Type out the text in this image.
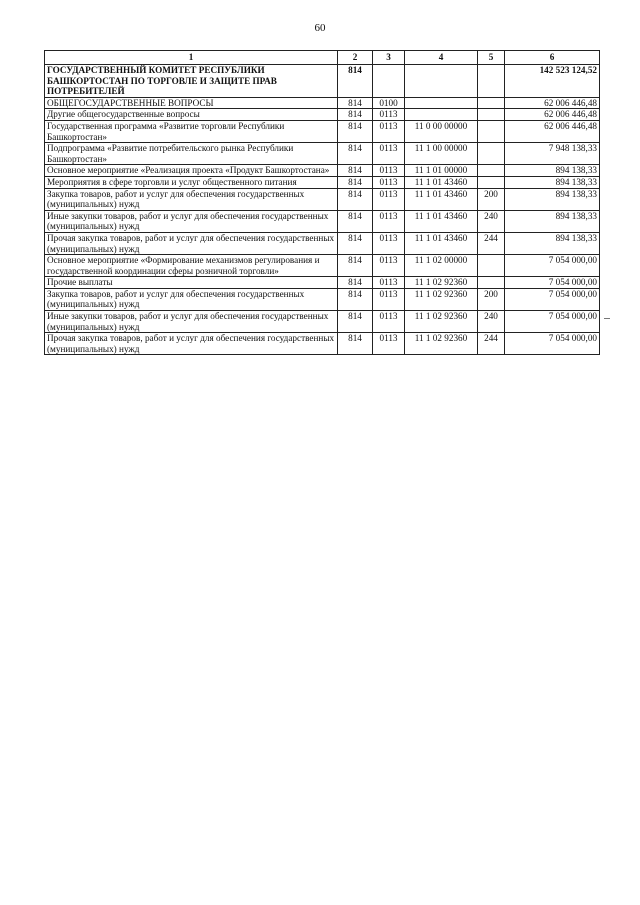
60
1	2	3	4	5	6
ГОСУДАРСТВЕННЫЙ КОМИТЕТ РЕСПУБЛИКИ БАШКОРТОСТАН ПО ТОРГОВЛЕ И ЗАЩИТЕ ПРАВ ПОТРЕБИТЕЛЕЙ	814				142 523 124,52
ОБЩЕГОСУДАРСТВЕННЫЕ ВОПРОСЫ	814	0100			62 006 446,48
Другие общегосударственные вопросы	814	0113			62 006 446,48
Государственная программа «Развитие торговли Республики Башкортостан»	814	0113	11 0 00 00000		62 006 446,48
Подпрограмма «Развитие потребительского рынка Республики Башкортостан»	814	0113	11 1 00 00000		7 948 138,33
Основное мероприятие «Реализация проекта «Продукт Башкортостана»	814	0113	11 1 01 00000		894 138,33
Мероприятия в сфере торговли и услуг общественного питания	814	0113	11 1 01 43460		894 138,33
Закупка товаров, работ и услуг для обеспечения государственных (муниципальных) нужд	814	0113	11 1 01 43460	200	894 138,33
Иные закупки товаров, работ и услуг для обеспечения государственных (муниципальных) нужд	814	0113	11 1 01 43460	240	894 138,33
Прочая закупка товаров, работ и услуг для обеспечения государственных (муниципальных) нужд	814	0113	11 1 01 43460	244	894 138,33
Основное мероприятие «Формирование механизмов регулирования и государственной координации сферы розничной торговли»	814	0113	11 1 02 00000		7 054 000,00
Прочие выплаты	814	0113	11 1 02 92360		7 054 000,00
Закупка товаров, работ и услуг для обеспечения государственных (муниципальных) нужд	814	0113	11 1 02 92360	200	7 054 000,00
Иные закупки товаров, работ и услуг для обеспечения государственных (муниципальных) нужд	814	0113	11 1 02 92360	240	7 054 000,00
Прочая закупка товаров, работ и услуг для обеспечения государственных (муниципальных) нужд	814	0113	11 1 02 92360	244	7 054 000,00
